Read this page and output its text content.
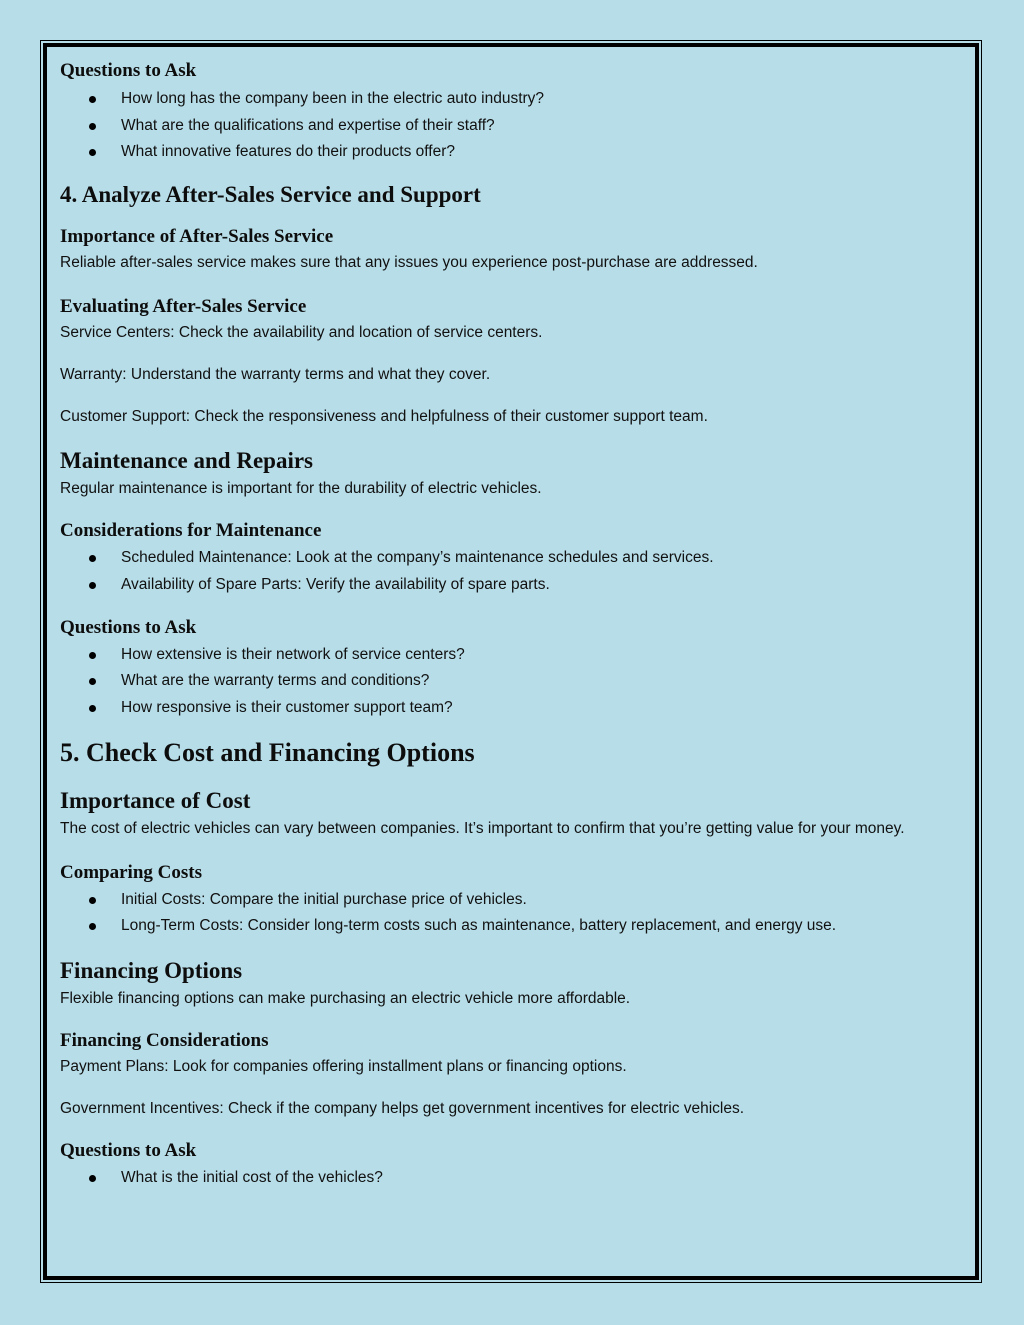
Questions to Ask
How long has the company been in the electric auto industry?
What are the qualifications and expertise of their staff?
What innovative features do their products offer?
4. Analyze After-Sales Service and Support
Importance of After-Sales Service

Reliable after-sales service makes sure that any issues you experience post-purchase are addressed.

Evaluating After-Sales Service

Service Centers: Check the availability and location of service centers.

Warranty: Understand the warranty terms and what they cover.

Customer Support: Check the responsiveness and helpfulness of their customer support team.

Maintenance and Repairs

Regular maintenance is important for the durability of electric vehicles.

Considerations for Maintenance
Scheduled Maintenance: Look at the company’s maintenance schedules and services.
Availability of Spare Parts: Verify the availability of spare parts.
Questions to Ask
How extensive is their network of service centers?
What are the warranty terms and conditions?
How responsive is their customer support team?
5. Check Cost and Financing Options
Importance of Cost

The cost of electric vehicles can vary between companies. It’s important to confirm that you’re getting value for your money.

Comparing Costs
Initial Costs: Compare the initial purchase price of vehicles.
Long-Term Costs: Consider long-term costs such as maintenance, battery replacement, and energy use.
Financing Options

Flexible financing options can make purchasing an electric vehicle more affordable.

Financing Considerations

Payment Plans: Look for companies offering installment plans or financing options.

Government Incentives: Check if the company helps get government incentives for electric vehicles.

Questions to Ask
What is the initial cost of the vehicles?
